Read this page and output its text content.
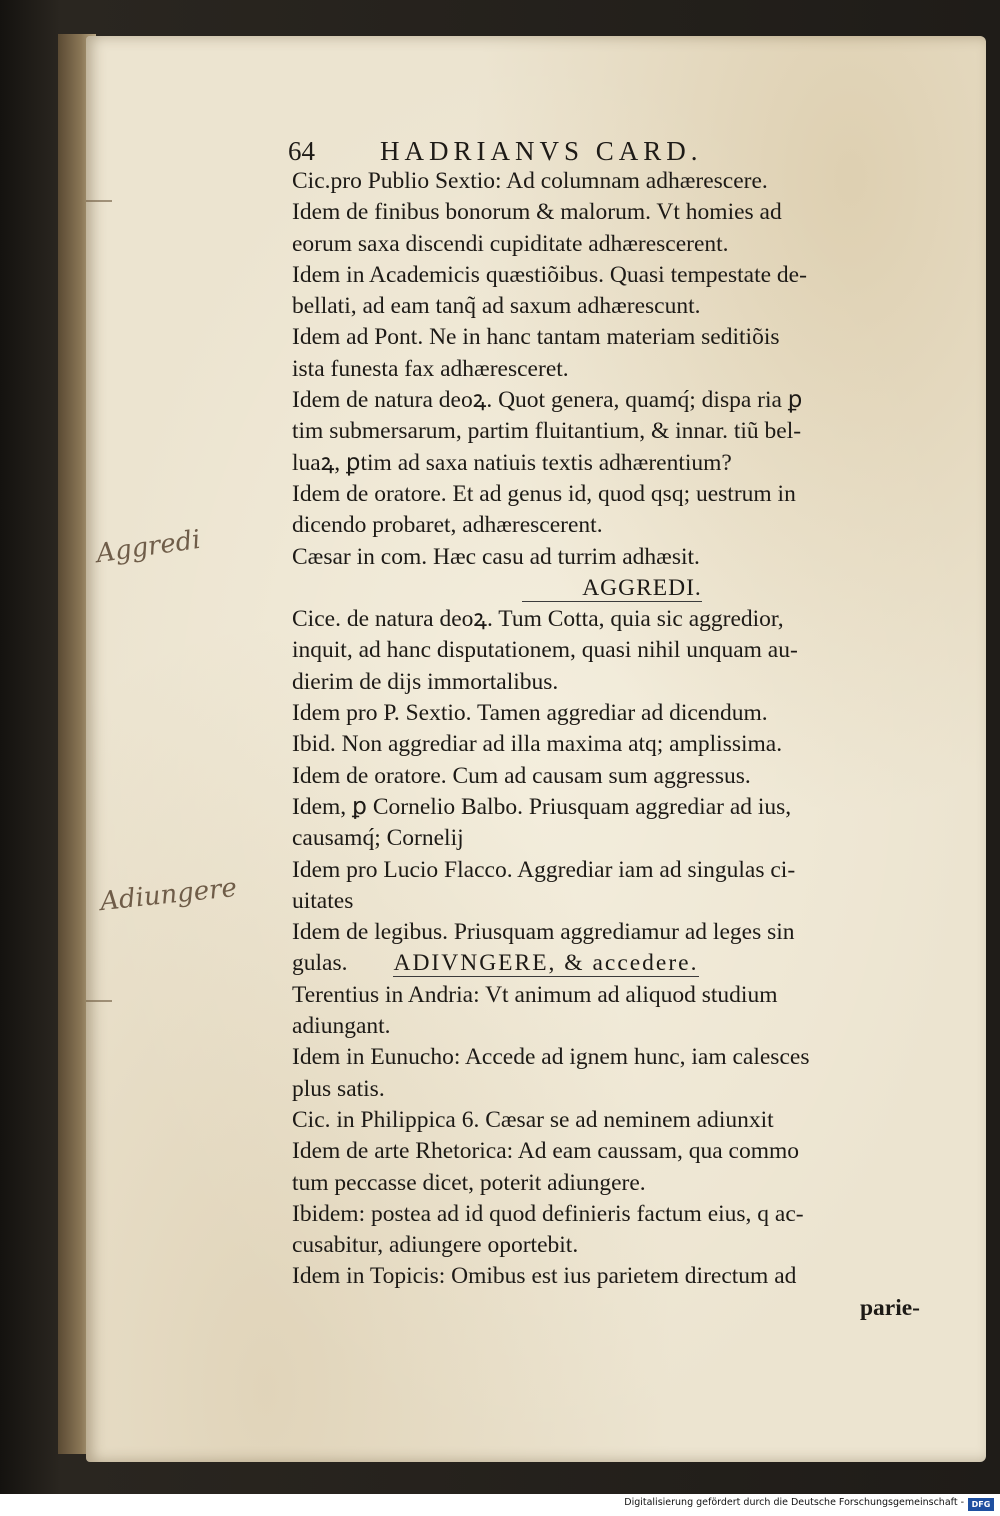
64 HADRIANVS CARD.
Cic.pro Publio Sextio: Ad columnam adhærescere.
Idem de finibus bonorum & malorum. Vt homies ad
eorum saxa discendi cupiditate adhærescerent.
Idem in Academicis quæstiõibus. Quasi tempestate de-
bellati, ad eam tanq̃ ad saxum adhærescunt.
Idem ad Pont. Ne in hanc tantam materiam seditiõis
ista funesta fax adhæresceret.
Idem de natura deoꝝ. Quot genera, quamq́; dispa ria ꝑ
tim submersarum, partim fluitantium, & innar. tiũ bel-
luaꝝ, ꝑtim ad saxa natiuis textis adhærentium?
Idem de oratore. Et ad genus id, quod qsq; uestrum in
dicendo probaret, adhærescerent.
Cæsar in com. Hæc casu ad turrim adhæsit.
AGGREDI.
Cice. de natura deoꝝ. Tum Cotta, quia sic aggredior,
inquit, ad hanc disputationem, quasi nihil unquam au-
dierim de dijs immortalibus.
Idem pro P. Sextio. Tamen aggrediar ad dicendum.
Ibid. Non aggrediar ad illa maxima atq; amplissima.
Idem de oratore. Cum ad causam sum aggressus.
Idem, ꝑ Cornelio Balbo. Priusquam aggrediar ad ius,
causamq́; Cornelij
Idem pro Lucio Flacco. Aggrediar iam ad singulas ci-
uitates
Idem de legibus. Priusquam aggrediamur ad leges sin
gulas. ADIVNGERE, & accedere.
Terentius in Andria: Vt animum ad aliquod studium
adiungant.
Idem in Eunucho: Accede ad ignem hunc, iam calesces
plus satis.
Cic. in Philippica 6. Cæsar se ad neminem adiunxit
Idem de arte Rhetorica: Ad eam caussam, qua commo
tum peccasse dicet, poterit adiungere.
Ibidem: postea ad id quod definieris factum eius, q ac-
cusabitur, adiungere oportebit.
Idem in Topicis: Omibus est ius parietem directum ad
parie-
Aggredi
Adiungere
Digitalisierung gefördert durch die Deutsche Forschungsgemeinschaft - DFG
